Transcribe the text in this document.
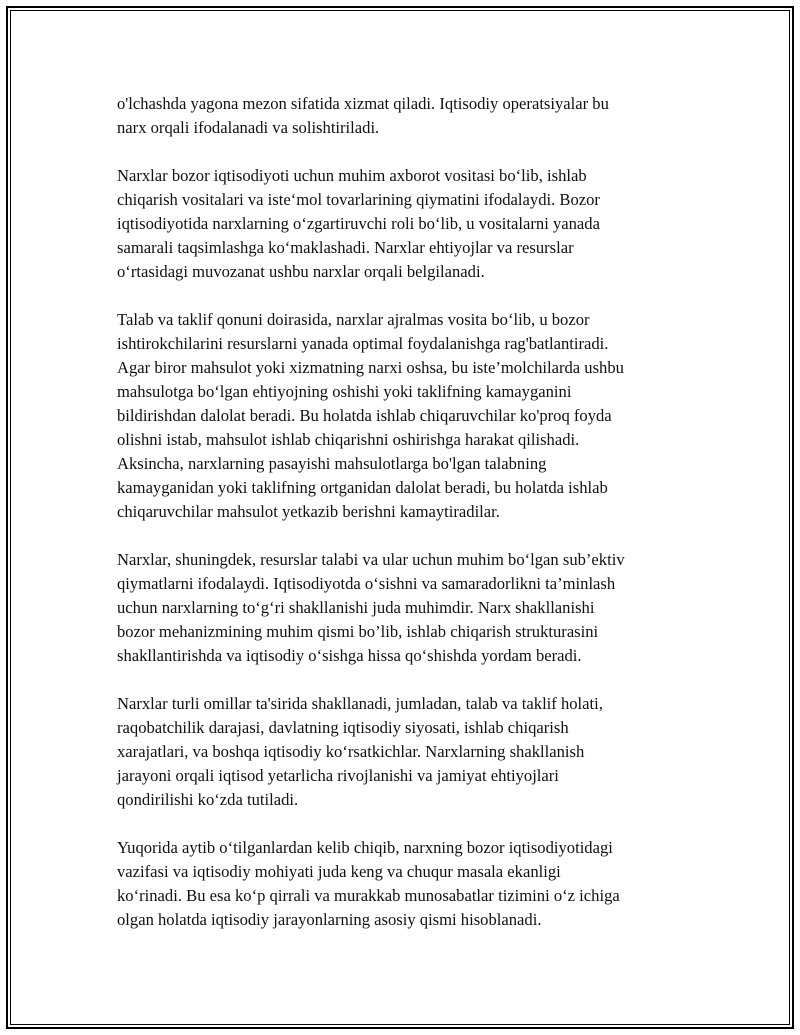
o'lchashda yagona mezon sifatida xizmat qiladi. Iqtisodiy operatsiyalar bu
narx orqali ifodalanadi va solishtiriladi.

Narxlar bozor iqtisodiyoti uchun muhim axborot vositasi boʻlib, ishlab
chiqarish vositalari va isteʻmol tovarlarining qiymatini ifodalaydi. Bozor
iqtisodiyotida narxlarning oʻzgartiruvchi roli boʻlib, u vositalarni yanada
samarali taqsimlashga koʻmaklashadi. Narxlar ehtiyojlar va resurslar
oʻrtasidagi muvozanat ushbu narxlar orqali belgilanadi.

Talab va taklif qonuni doirasida, narxlar ajralmas vosita boʻlib, u bozor
ishtirokchilarini resurslarni yanada optimal foydalanishga rag'batlantiradi.
Agar biror mahsulot yoki xizmatning narxi oshsa, bu iste’molchilarda ushbu
mahsulotga boʻlgan ehtiyojning oshishi yoki taklifning kamayganini
bildirishdan dalolat beradi. Bu holatda ishlab chiqaruvchilar ko'proq foyda
olishni istab, mahsulot ishlab chiqarishni oshirishga harakat qilishadi.
Aksincha, narxlarning pasayishi mahsulotlarga bo'lgan talabning
kamayganidan yoki taklifning ortganidan dalolat beradi, bu holatda ishlab
chiqaruvchilar mahsulot yetkazib berishni kamaytiradilar.

Narxlar, shuningdek, resurslar talabi va ular uchun muhim boʻlgan sub’ektiv
qiymatlarni ifodalaydi. Iqtisodiyotda oʻsishni va samaradorlikni ta’minlash
uchun narxlarning toʻgʻri shakllanishi juda muhimdir. Narx shakllanishi
bozor mehanizmining muhim qismi bo’lib, ishlab chiqarish strukturasini
shakllantirishda va iqtisodiy oʻsishga hissa qoʻshishda yordam beradi.

Narxlar turli omillar ta'sirida shakllanadi, jumladan, talab va taklif holati,
raqobatchilik darajasi, davlatning iqtisodiy siyosati, ishlab chiqarish
xarajatlari, va boshqa iqtisodiy koʻrsatkichlar. Narxlarning shakllanish
jarayoni orqali iqtisod yetarlicha rivojlanishi va jamiyat ehtiyojlari
qondirilishi koʻzda tutiladi.

Yuqorida aytib oʻtilganlardan kelib chiqib, narxning bozor iqtisodiyotidagi
vazifasi va iqtisodiy mohiyati juda keng va chuqur masala ekanligi
koʻrinadi. Bu esa koʻp qirrali va murakkab munosabatlar tizimini oʻz ichiga
olgan holatda iqtisodiy jarayonlarning asosiy qismi hisoblanadi.
